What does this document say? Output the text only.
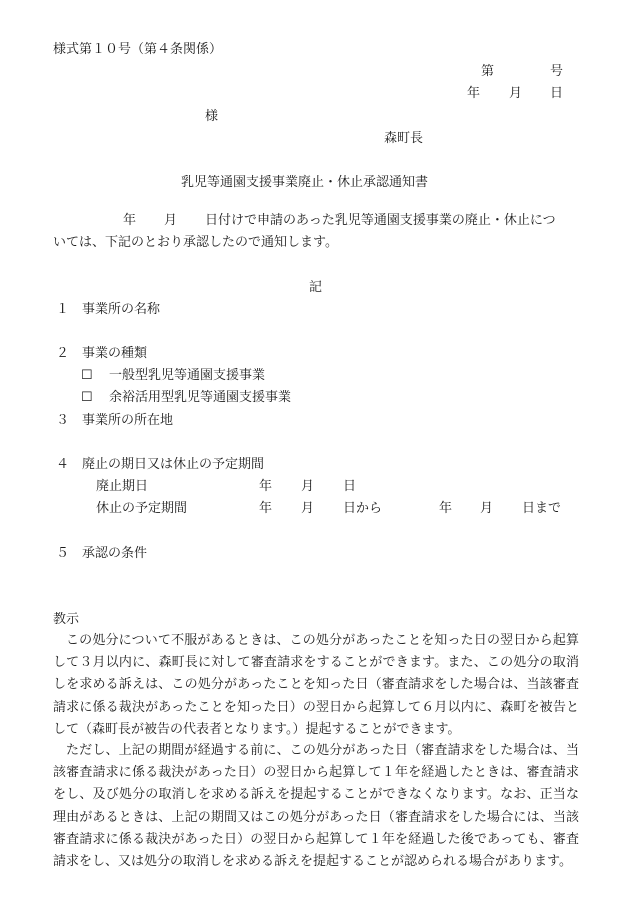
様式第１０号（第４条関係）
第	号
年 月 日
様
森町長
乳児等通園支援事業廃止・休止承認通知書
年 月 日付けで申請のあった乳児等通園支援事業の廃止・休止につ
いては、下記のとおり承認したので通知します。
記
１ 事業所の名称
２ 事業の種類
☐ 一般型乳児等通園支援事業
☐ 余裕活用型乳児等通園支援事業
３ 事業所の所在地
４ 廃止の期日又は休止の予定期間
廃止期日	年 月 日
休止の予定期間	年 月 日から	年 月 日まで
５ 承認の条件
教示
この処分について不服があるときは、この処分があったことを知った日の翌日から起算して３月以内に、森町長に対して審査請求をすることができます。また、この処分の取消しを求める訴えは、この処分があったことを知った日（審査請求をした場合は、当該審査請求に係る裁決があったことを知った日）の翌日から起算して６月以内に、森町を被告として（森町長が被告の代表者となります。）提起することができます。
ただし、上記の期間が経過する前に、この処分があった日（審査請求をした場合は、当該審査請求に係る裁決があった日）の翌日から起算して１年を経過したときは、審査請求をし、及び処分の取消しを求める訴えを提起することができなくなります。なお、正当な理由があるときは、上記の期間又はこの処分があった日（審査請求をした場合には、当該審査請求に係る裁決があった日）の翌日から起算して１年を経過した後であっても、審査請求をし、又は処分の取消しを求める訴えを提起することが認められる場合があります。
